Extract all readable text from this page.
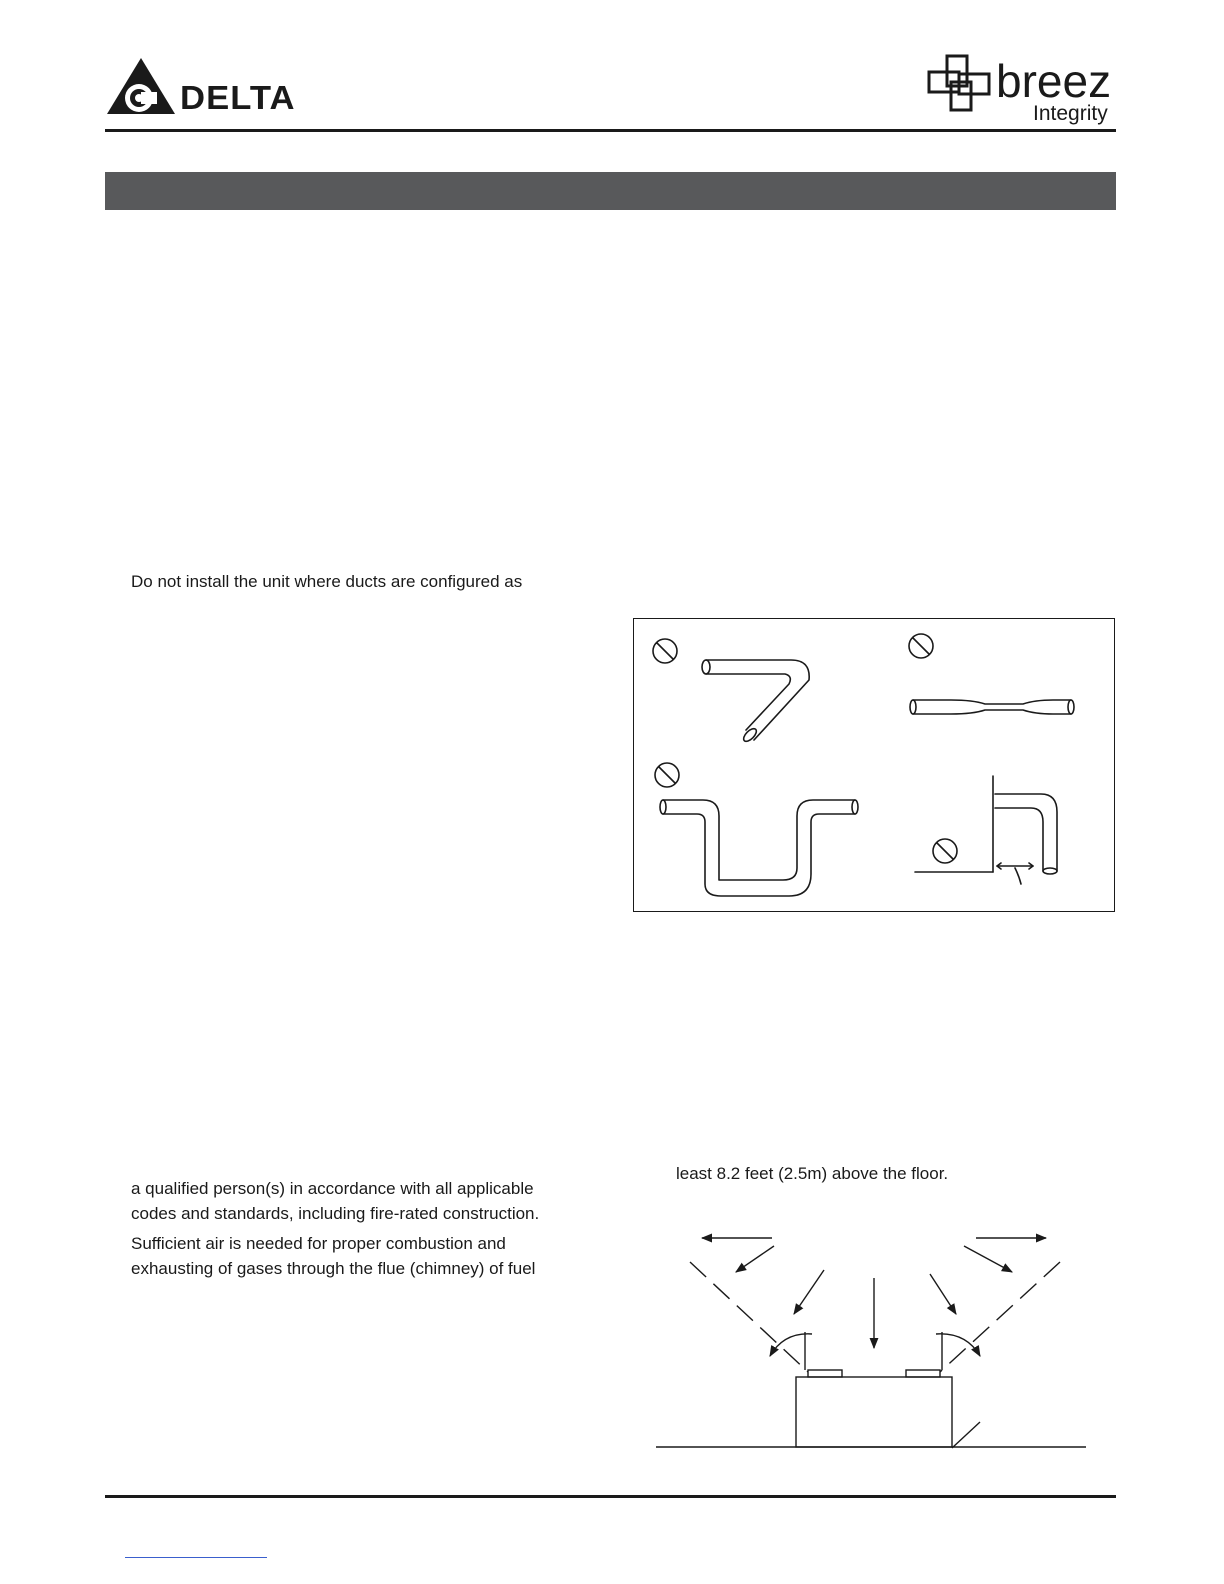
DELTA	breez
Integrity
Do not install the unit where ducts are configured as
a qualified person(s) in accordance with all applicable
codes and standards, including fire-rated construction.
Sufficient air is needed for proper combustion and
exhausting of gases through the flue (chimney) of fuel
least 8.2 feet (2.5m) above the floor.
